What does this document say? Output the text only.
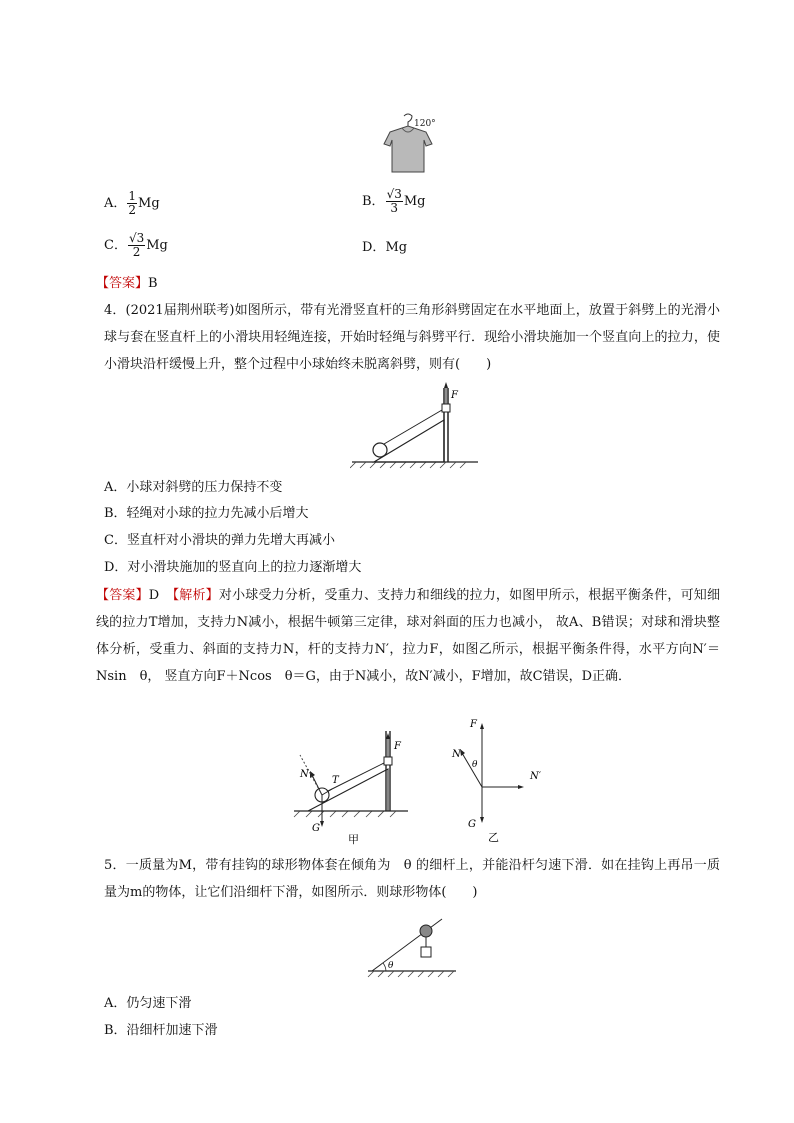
120°
A． $\frac{1}{2}$ Mg	B． $\frac{√3}{3}$ Mg
C． $\frac{√3}{2}$ Mg	D．Mg
【答案】B
4．(2021届荆州联考)如图所示，带有光滑竖直杆的三角形斜劈固定在水平地面上，放置于斜劈上的光滑小球与套在竖直杆上的小滑块用轻绳连接，开始时轻绳与斜劈平行．现给小滑块施加一个竖直向上的拉力，使小滑块沿杆缓慢上升，整个过程中小球始终未脱离斜劈，则有(　　)
F
A．小球对斜劈的压力保持不变
B．轻绳对小球的拉力先减小后增大
C．竖直杆对小滑块的弹力先增大再减小
D．对小滑块施加的竖直向上的拉力逐渐增大
【答案】D　【解析】对小球受力分析，受重力、支持力和细线的拉力，如图甲所示，根据平衡条件，可知细线的拉力T增加，支持力N减小，根据牛顿第三定律，球对斜面的压力也减小， 故A、B错误；对球和滑块整体分析，受重力、斜面的支持力N，杆的支持力N′，拉力F，如图乙所示，根据平衡条件得，水平方向N′＝Nsin　θ， 竖直方向F＋Ncos　θ＝G，由于N减小，故N′减小，F增加，故C错误，D正确．
F
N
T
G
甲
F
N
θ
N′
G
乙
5．一质量为M，带有挂钩的球形物体套在倾角为　θ 的细杆上，并能沿杆匀速下滑．如在挂钩上再吊一质量为m的物体，让它们沿细杆下滑，如图所示．则球形物体(　　)
θ
A．仍匀速下滑
B．沿细杆加速下滑
